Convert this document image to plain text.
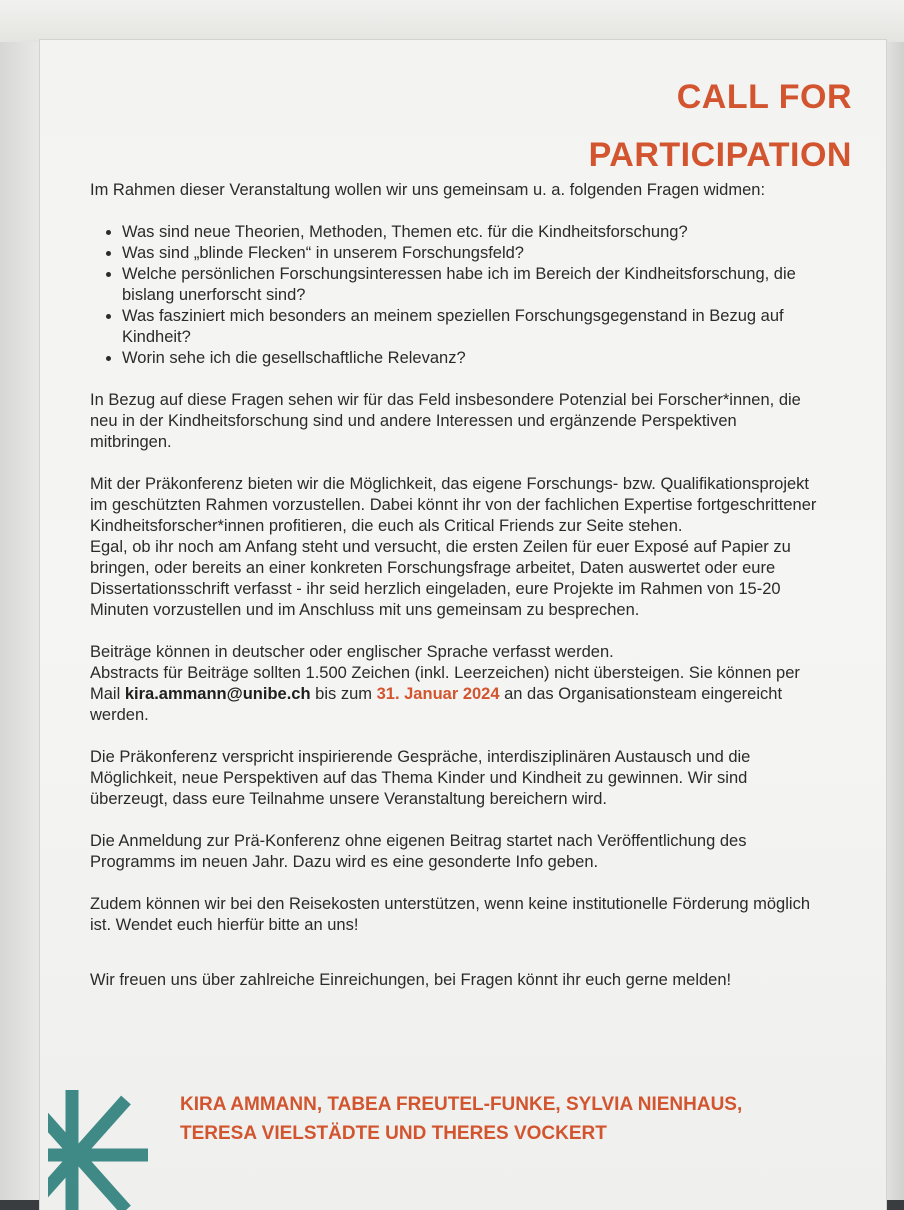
CALL FOR
PARTICIPATION

Im Rahmen dieser Veranstaltung wollen wir uns gemeinsam u. a. folgenden Fragen widmen:

• Was sind neue Theorien, Methoden, Themen etc. für die Kindheitsforschung?
• Was sind „blinde Flecken“ in unserem Forschungsfeld?
• Welche persönlichen Forschungsinteressen habe ich im Bereich der Kindheitsforschung, die bislang unerforscht sind?
• Was fasziniert mich besonders an meinem speziellen Forschungsgegenstand in Bezug auf Kindheit?
• Worin sehe ich die gesellschaftliche Relevanz?

In Bezug auf diese Fragen sehen wir für das Feld insbesondere Potenzial bei Forscher*innen, die neu in der Kindheitsforschung sind und andere Interessen und ergänzende Perspektiven mitbringen.

Mit der Präkonferenz bieten wir die Möglichkeit, das eigene Forschungs- bzw. Qualifikationsprojekt im geschützten Rahmen vorzustellen. Dabei könnt ihr von der fachlichen Expertise fortgeschrittener Kindheitsforscher*innen profitieren, die euch als Critical Friends zur Seite stehen.

Egal, ob ihr noch am Anfang steht und versucht, die ersten Zeilen für euer Exposé auf Papier zu bringen, oder bereits an einer konkreten Forschungsfrage arbeitet, Daten auswertet oder eure Dissertationsschrift verfasst - ihr seid herzlich eingeladen, eure Projekte im Rahmen von 15-20 Minuten vorzustellen und im Anschluss mit uns gemeinsam zu besprechen.

Beiträge können in deutscher oder englischer Sprache verfasst werden.
Abstracts für Beiträge sollten 1.500 Zeichen (inkl. Leerzeichen) nicht übersteigen. Sie können per Mail kira.ammann@unibe.ch bis zum 31. Januar 2024 an das Organisationsteam eingereicht werden.

Die Präkonferenz verspricht inspirierende Gespräche, interdisziplinären Austausch und die Möglichkeit, neue Perspektiven auf das Thema Kinder und Kindheit zu gewinnen. Wir sind überzeugt, dass eure Teilnahme unsere Veranstaltung bereichern wird.

Die Anmeldung zur Prä-Konferenz ohne eigenen Beitrag startet nach Veröffentlichung des Programms im neuen Jahr. Dazu wird es eine gesonderte Info geben.

Zudem können wir bei den Reisekosten unterstützen, wenn keine institutionelle Förderung möglich ist. Wendet euch hierfür bitte an uns!

Wir freuen uns über zahlreiche Einreichungen, bei Fragen könnt ihr euch gerne melden!

KIRA AMMANN, TABEA FREUTEL-FUNKE, SYLVIA NIENHAUS,
TERESA VIELSTÄDTE UND THERES VOCKERT
